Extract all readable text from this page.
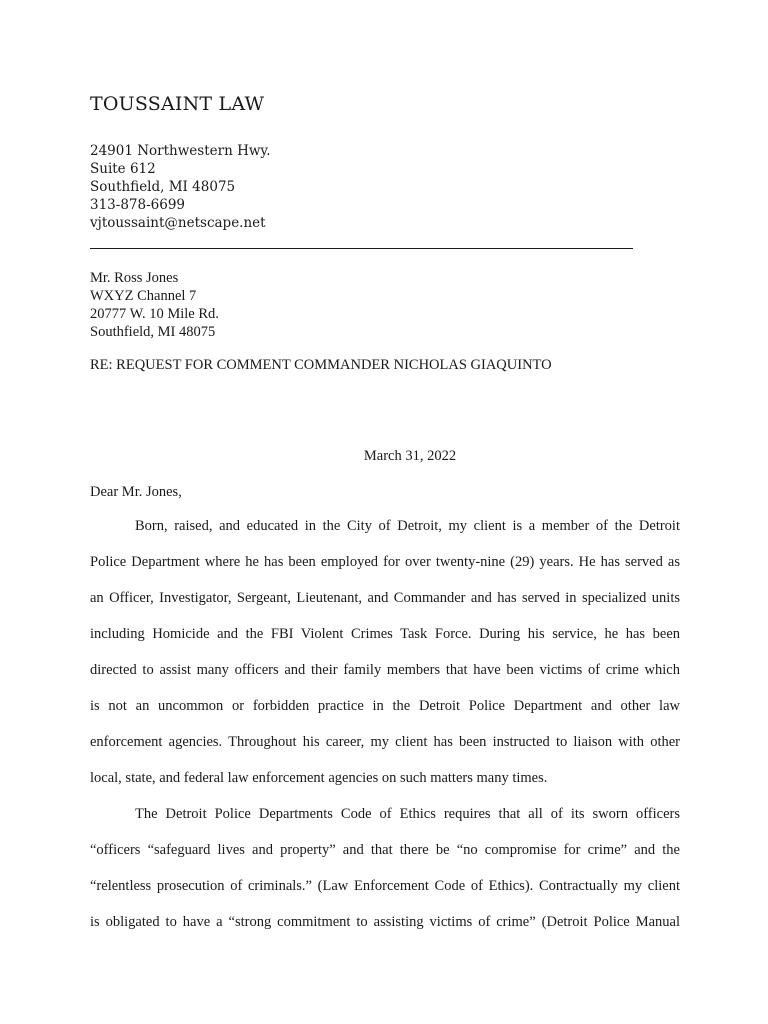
TOUSSAINT LAW
24901 Northwestern Hwy.
Suite 612
Southfield, MI 48075
313-878-6699
vjtoussaint@netscape.net
Mr. Ross Jones
WXYZ Channel 7
20777 W. 10 Mile Rd.
Southfield, MI 48075
RE: REQUEST FOR COMMENT COMMANDER NICHOLAS GIAQUINTO
March 31, 2022
Dear Mr. Jones,
Born, raised, and educated in the City of Detroit, my client is a member of the Detroit
Police Department where he has been employed for over twenty-nine (29) years. He has served as
an Officer, Investigator, Sergeant, Lieutenant, and Commander and has served in specialized units
including Homicide and the FBI Violent Crimes Task Force. During his service, he has been
directed to assist many officers and their family members that have been victims of crime which
is not an uncommon or forbidden practice in the Detroit Police Department and other law
enforcement agencies. Throughout his career, my client has been instructed to liaison with other
local, state, and federal law enforcement agencies on such matters many times.
The Detroit Police Departments Code of Ethics requires that all of its sworn officers
“officers “safeguard lives and property” and that there be “no compromise for crime” and the
“relentless prosecution of criminals.” (Law Enforcement Code of Ethics). Contractually my client
is obligated to have a “strong commitment to assisting victims of crime” (Detroit Police Manual
